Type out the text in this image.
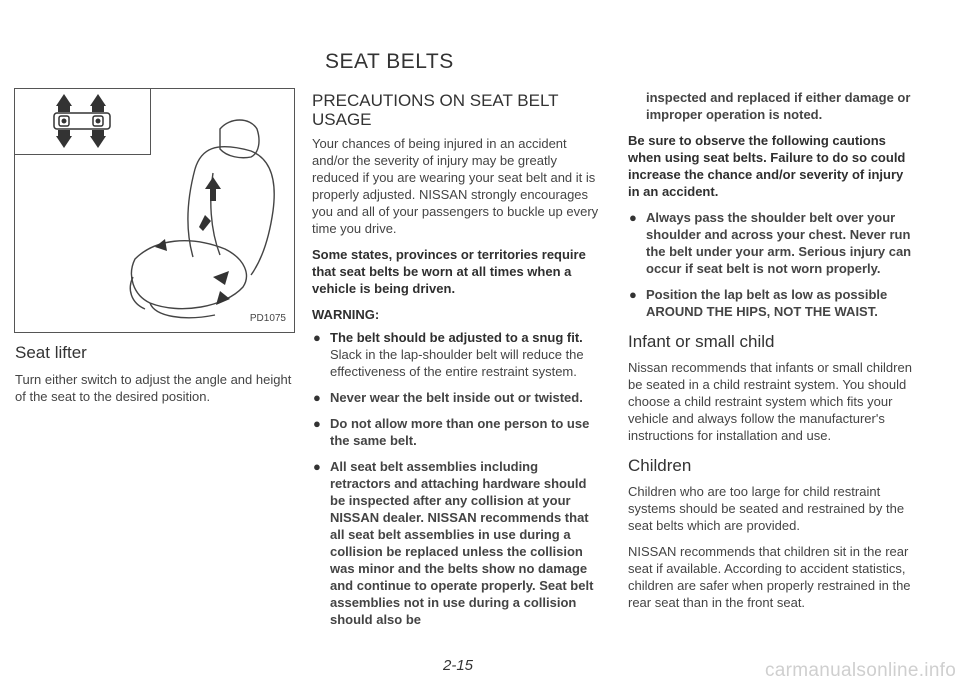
SEAT BELTS
PD1075
Seat lifter
Turn either switch to adjust the angle and height of the seat to the desired position.
PRECAUTIONS ON SEAT BELT USAGE
Your chances of being injured in an accident and/or the severity of injury may be greatly reduced if you are wearing your seat belt and it is properly adjusted. NISSAN strongly encourages you and all of your passengers to buckle up every time you drive.
Some states, provinces or territories require that seat belts be worn at all times when a vehicle is being driven.
WARNING:
● The belt should be adjusted to a snug fit. Slack in the lap-shoulder belt will reduce the effectiveness of the entire restraint system.
● Never wear the belt inside out or twisted.
● Do not allow more than one person to use the same belt.
● All seat belt assemblies including retractors and attaching hardware should be inspected after any collision at your NISSAN dealer. NISSAN recommends that all seat belt assemblies in use during a collision be replaced unless the collision was minor and the belts show no damage and continue to operate properly. Seat belt assemblies not in use during a collision should also be
inspected and replaced if either damage or improper operation is noted.
Be sure to observe the following cautions when using seat belts. Failure to do so could increase the chance and/or severity of injury in an accident.
● Always pass the shoulder belt over your shoulder and across your chest. Never run the belt under your arm. Serious injury can occur if seat belt is not worn properly.
● Position the lap belt as low as possible AROUND THE HIPS, NOT THE WAIST.
Infant or small child
Nissan recommends that infants or small children be seated in a child restraint system. You should choose a child restraint system which fits your vehicle and always follow the manufacturer's instructions for installation and use.
Children
Children who are too large for child restraint systems should be seated and restrained by the seat belts which are provided.
NISSAN recommends that children sit in the rear seat if available. According to accident statistics, children are safer when properly restrained in the rear seat than in the front seat.
2-15	carmanualsonline.info
